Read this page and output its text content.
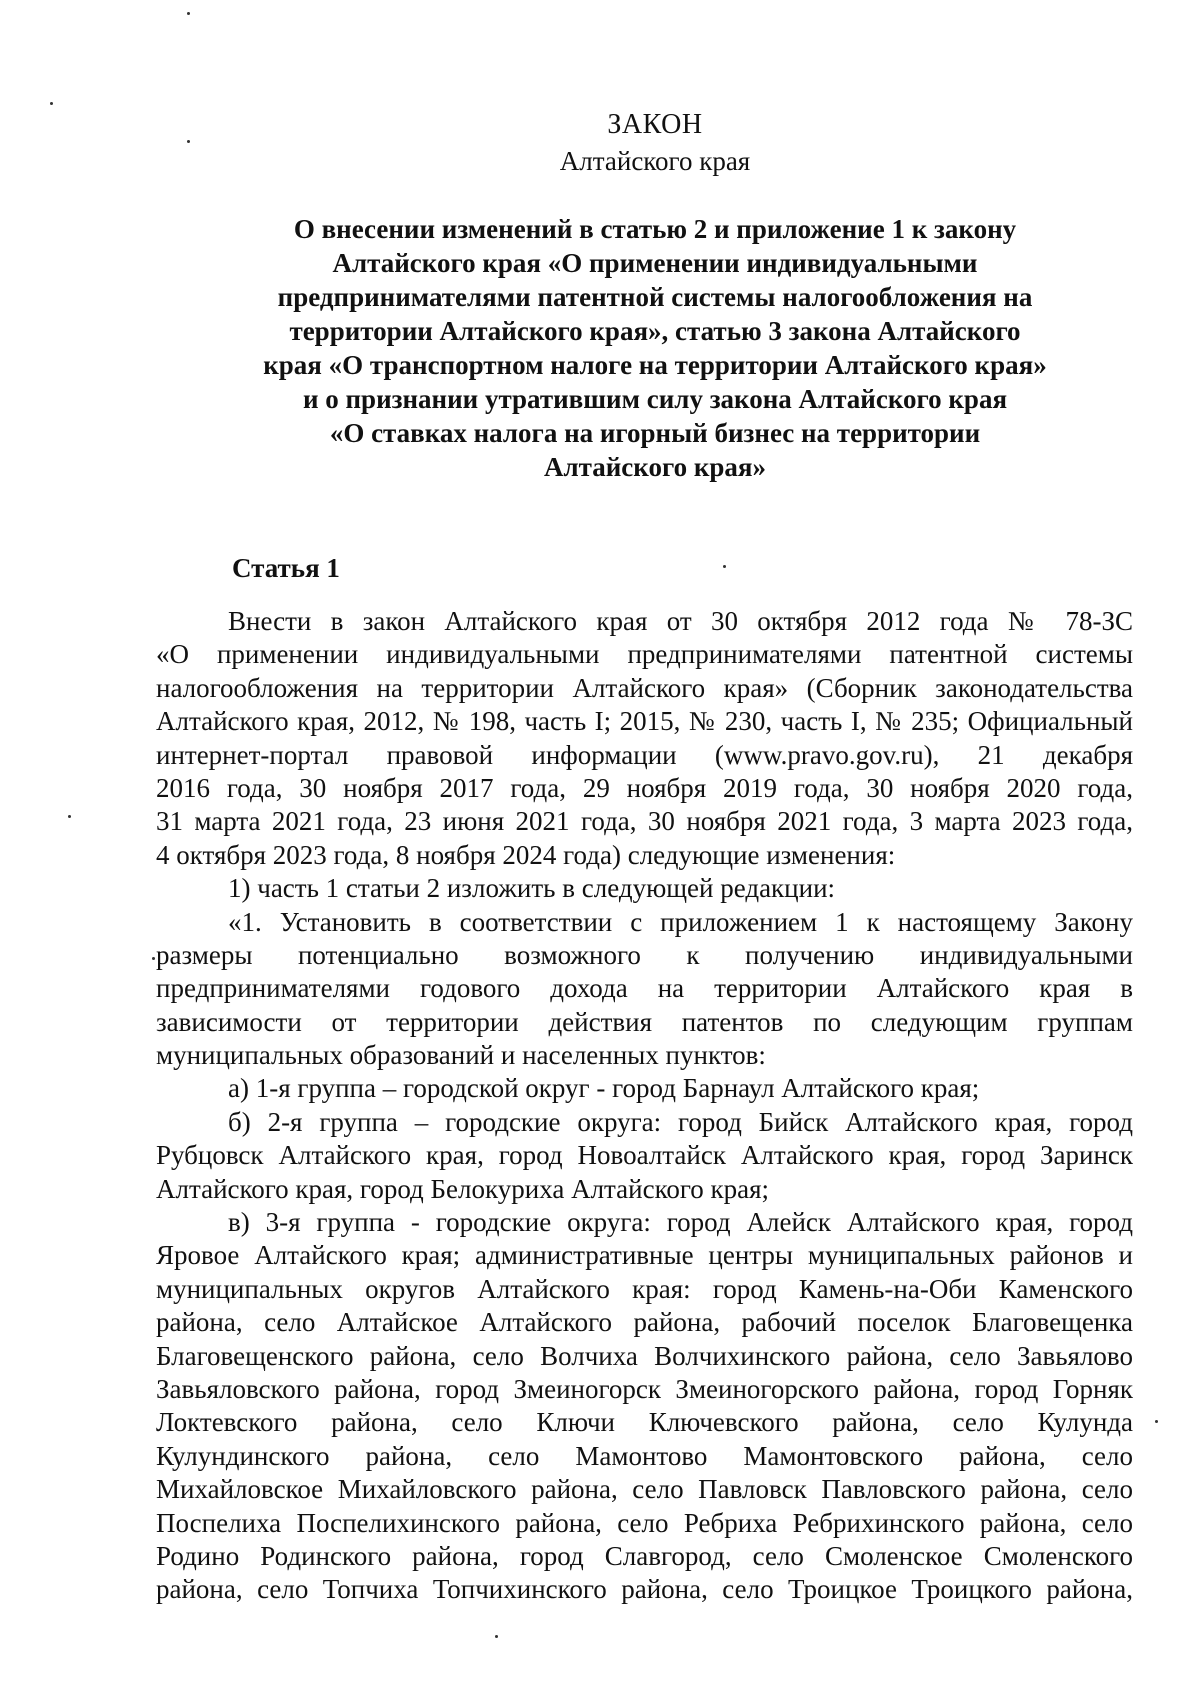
ЗАКОН
Алтайского края
О внесении изменений в статью 2 и приложение 1 к закону
Алтайского края «О применении индивидуальными
предпринимателями патентной системы налогообложения на
территории Алтайского края», статью 3 закона Алтайского
края «О транспортном налоге на территории Алтайского края»
и о признании утратившим силу закона Алтайского края
«О ставках налога на игорный бизнес на территории
Алтайского края»
Статья 1
Внести в закон Алтайского края от 30 октября 2012 года № 78-ЗС
«О применении индивидуальными предпринимателями патентной системы
налогообложения на территории Алтайского края» (Сборник законодательства
Алтайского края, 2012, № 198, часть I; 2015, № 230, часть I, № 235; Официальный
интернет-портал правовой информации (www.pravo.gov.ru), 21 декабря
2016 года, 30 ноября 2017 года, 29 ноября 2019 года, 30 ноября 2020 года,
31 марта 2021 года, 23 июня 2021 года, 30 ноября 2021 года, 3 марта 2023 года,
4 октября 2023 года, 8 ноября 2024 года) следующие изменения:
1) часть 1 статьи 2 изложить в следующей редакции:
«1. Установить в соответствии с приложением 1 к настоящему Закону
размеры потенциально возможного к получению индивидуальными
предпринимателями годового дохода на территории Алтайского края в
зависимости от территории действия патентов по следующим группам
муниципальных образований и населенных пунктов:
а) 1-я группа – городской округ - город Барнаул Алтайского края;
б) 2-я группа – городские округа: город Бийск Алтайского края, город
Рубцовск Алтайского края, город Новоалтайск Алтайского края, город Заринск
Алтайского края, город Белокуриха Алтайского края;
в) 3-я группа - городские округа: город Алейск Алтайского края, город
Яровое Алтайского края; административные центры муниципальных районов и
муниципальных округов Алтайского края: город Камень-на-Оби Каменского
района, село Алтайское Алтайского района, рабочий поселок Благовещенка
Благовещенского района, село Волчиха Волчихинского района, село Завьялово
Завьяловского района, город Змеиногорск Змеиногорского района, город Горняк
Локтевского района, село Ключи Ключевского района, село Кулунда
Кулундинского района, село Мамонтово Мамонтовского района, село
Михайловское Михайловского района, село Павловск Павловского района, село
Поспелиха Поспелихинского района, село Ребриха Ребрихинского района, село
Родино Родинского района, город Славгород, село Смоленское Смоленского
района, село Топчиха Топчихинского района, село Троицкое Троицкого района,
